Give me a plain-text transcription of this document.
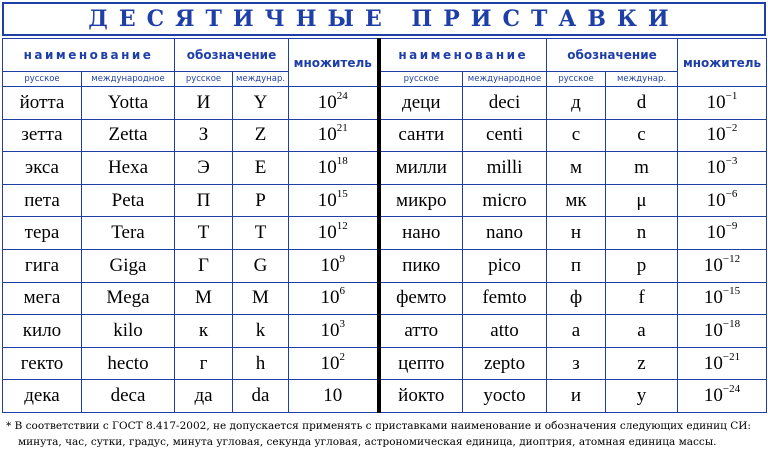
ДЕСЯТИЧНЫЕ ПРИСТАВКИ
наименование		обозначение		множитель	наименование		обозначение		множитель
русское	международное	русское	междунар.		русское	международное	русское	междунар.	
йотта	Yotta	И	Y	$10^{24}$	деци	deci	д	d	$10^{-1}$
зетта	Zetta	З	Z	$10^{21}$	санти	centi	с	c	$10^{-2}$
экса	Hexa	Э	E	$10^{18}$	милли	milli	м	m	$10^{-3}$
пета	Peta	П	P	$10^{15}$	микро	micro	мк	μ	$10^{-6}$
тера	Tera	Т	T	$10^{12}$	нано	nano	н	n	$10^{-9}$
гига	Giga	Г	G	$10^9$	пико	pico	п	p	$10^{-12}$
мега	Mega	М	M	$10^6$	фемто	femto	ф	f	$10^{-15}$
кило	kilo	к	k	$10^3$	атто	atto	а	a	$10^{-18}$
гекто	hecto	г	h	$10^2$	цепто	zepto	з	z	$10^{-21}$
дека	deca	да	da	10	йокто	yocto	и	y	$10^{-24}$
* В соответствии с ГОСТ 8.417-2002, не допускается применять с приставками наименование и обозначения следующих единиц СИ:
минута, час, сутки, градус, минута угловая, секунда угловая, астрономическая единица, диоптрия, атомная единица массы.
